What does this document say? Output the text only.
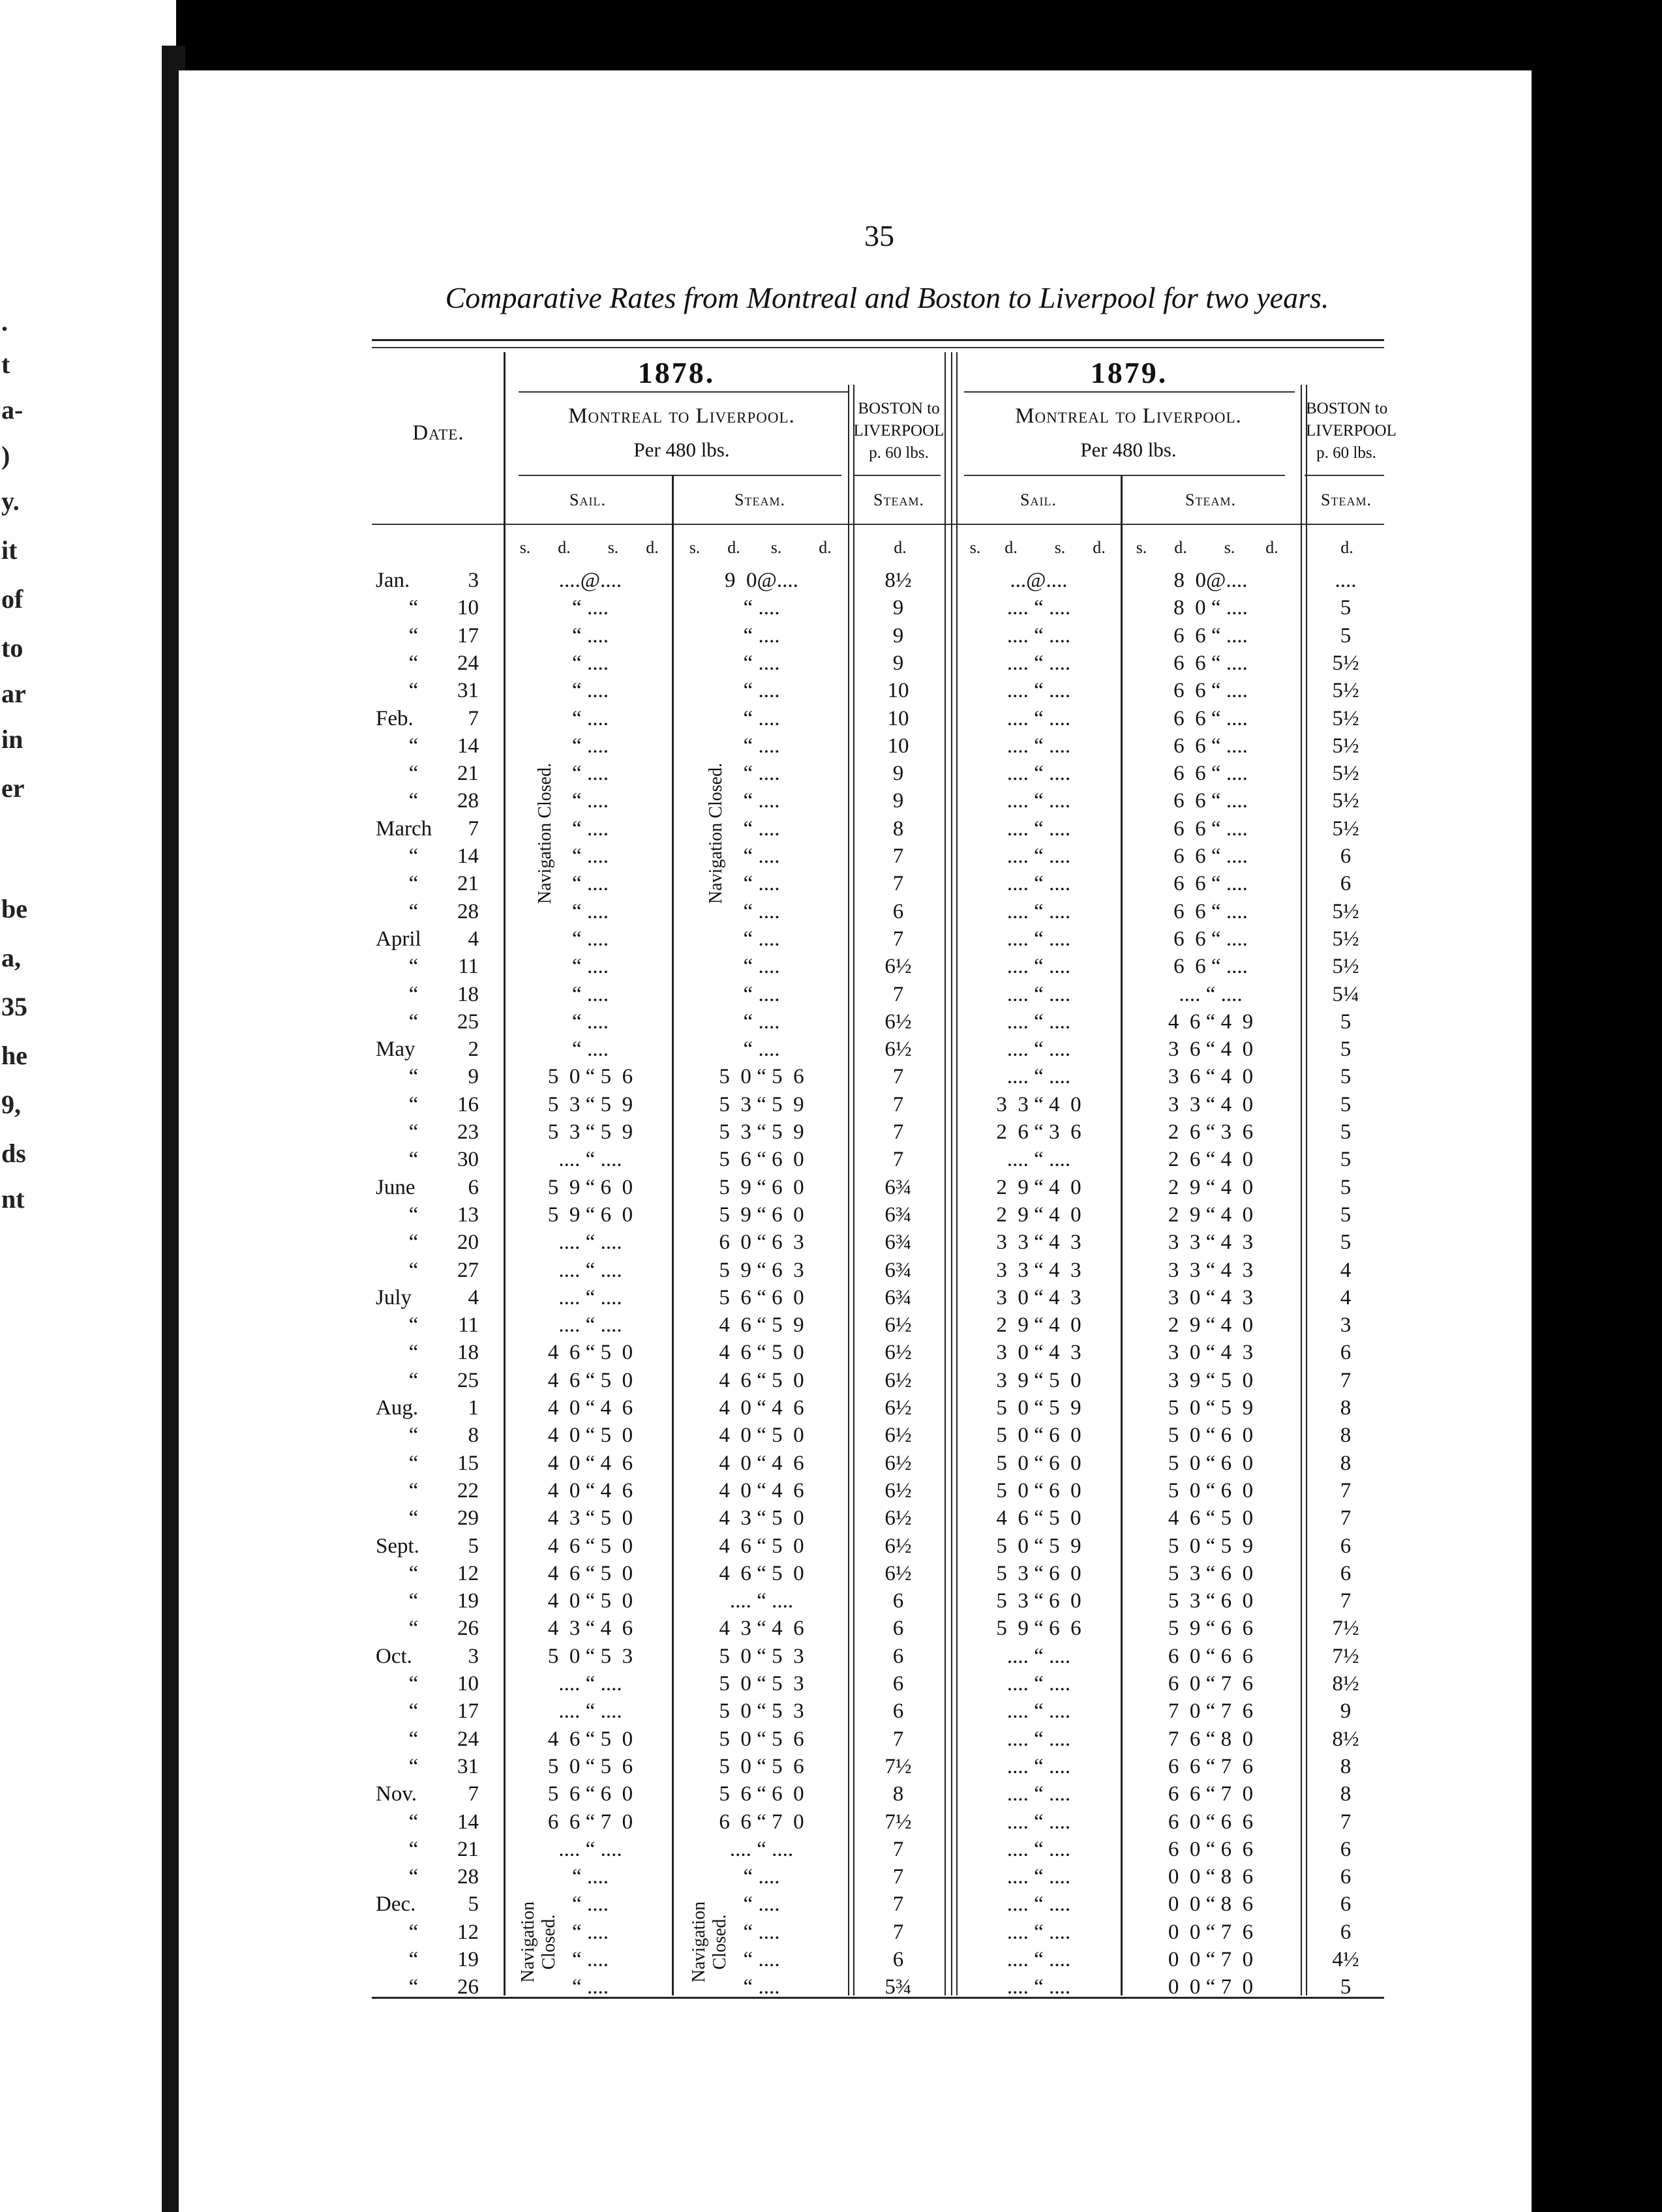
.
t
a-
)
y.
it
of
to
ar
in
er
be
a,
35
he
9,
ds
nt
35
Comparative Rates from Montreal and Boston to Liverpool for two years.
Date.
1878.	1879.
Montreal to Liverpool.
Per 480 lbs.
Montreal to Liverpool.
Per 480 lbs.
BOSTON to
LIVERPOOL
p. 60 lbs.
BOSTON to
LIVERPOOL
p. 60 lbs.
Sail.	Steam.	Steam.	Sail.	Steam.	Steam.
s. d. s. d. s. d. s. d.	d.	s. d. s. d. s. d. s. d.	d.
Jan.	3	....@....	9  0@....	8½	...@....	8  0@....	....
“	10	“ ....	“ ....	9	.... “ ....	8  0 “ ....	5
“	17	“ ....	“ ....	9	.... “ ....	6  6 “ ....	5
“	24	“ ....	“ ....	9	.... “ ....	6  6 “ ....	5½
“	31	“ ....	“ ....	10	.... “ ....	6  6 “ ....	5½
Feb.	7	“ ....	“ ....	10	.... “ ....	6  6 “ ....	5½
“	14	“ ....	“ ....	10	.... “ ....	6  6 “ ....	5½
“	21	“ ....	“ ....	9	.... “ ....	6  6 “ ....	5½
“	28	“ ....	“ ....	9	.... “ ....	6  6 “ ....	5½
March	7	“ ....	“ ....	8	.... “ ....	6  6 “ ....	5½
“	14	“ ....	“ ....	7	.... “ ....	6  6 “ ....	6
“	21	“ ....	“ ....	7	.... “ ....	6  6 “ ....	6
“	28	“ ....	“ ....	6	.... “ ....	6  6 “ ....	5½
April	4	“ ....	“ ....	7	.... “ ....	6  6 “ ....	5½
“	11	“ ....	“ ....	6½	.... “ ....	6  6 “ ....	5½
“	18	“ ....	“ ....	7	.... “ ....	.... “ ....	5¼
“	25	“ ....	“ ....	6½	.... “ ....	4  6 “ 4  9	5
May	2	“ ....	“ ....	6½	.... “ ....	3  6 “ 4  0	5
“	9	5  0 “ 5  6	5  0 “ 5  6	7	.... “ ....	3  6 “ 4  0	5
“	16	5  3 “ 5  9	5  3 “ 5  9	7	3  3 “ 4  0	3  3 “ 4  0	5
“	23	5  3 “ 5  9	5  3 “ 5  9	7	2  6 “ 3  6	2  6 “ 3  6	5
“	30	.... “ ....	5  6 “ 6  0	7	.... “ ....	2  6 “ 4  0	5
June	6	5  9 “ 6  0	5  9 “ 6  0	6¾	2  9 “ 4  0	2  9 “ 4  0	5
“	13	5  9 “ 6  0	5  9 “ 6  0	6¾	2  9 “ 4  0	2  9 “ 4  0	5
“	20	.... “ ....	6  0 “ 6  3	6¾	3  3 “ 4  3	3  3 “ 4  3	5
“	27	.... “ ....	5  9 “ 6  3	6¾	3  3 “ 4  3	3  3 “ 4  3	4
July	4	.... “ ....	5  6 “ 6  0	6¾	3  0 “ 4  3	3  0 “ 4  3	4
“	11	.... “ ....	4  6 “ 5  9	6½	2  9 “ 4  0	2  9 “ 4  0	3
“	18	4  6 “ 5  0	4  6 “ 5  0	6½	3  0 “ 4  3	3  0 “ 4  3	6
“	25	4  6 “ 5  0	4  6 “ 5  0	6½	3  9 “ 5  0	3  9 “ 5  0	7
Aug.	1	4  0 “ 4  6	4  0 “ 4  6	6½	5  0 “ 5  9	5  0 “ 5  9	8
“	8	4  0 “ 5  0	4  0 “ 5  0	6½	5  0 “ 6  0	5  0 “ 6  0	8
“	15	4  0 “ 4  6	4  0 “ 4  6	6½	5  0 “ 6  0	5  0 “ 6  0	8
“	22	4  0 “ 4  6	4  0 “ 4  6	6½	5  0 “ 6  0	5  0 “ 6  0	7
“	29	4  3 “ 5  0	4  3 “ 5  0	6½	4  6 “ 5  0	4  6 “ 5  0	7
Sept.	5	4  6 “ 5  0	4  6 “ 5  0	6½	5  0 “ 5  9	5  0 “ 5  9	6
“	12	4  6 “ 5  0	4  6 “ 5  0	6½	5  3 “ 6  0	5  3 “ 6  0	6
“	19	4  0 “ 5  0	.... “ ....	6	5  3 “ 6  0	5  3 “ 6  0	7
“	26	4  3 “ 4  6	4  3 “ 4  6	6	5  9 “ 6  6	5  9 “ 6  6	7½
Oct.	3	5  0 “ 5  3	5  0 “ 5  3	6	.... “ ....	6  0 “ 6  6	7½
“	10	.... “ ....	5  0 “ 5  3	6	.... “ ....	6  0 “ 7  6	8½
“	17	.... “ ....	5  0 “ 5  3	6	.... “ ....	7  0 “ 7  6	9
“	24	4  6 “ 5  0	5  0 “ 5  6	7	.... “ ....	7  6 “ 8  0	8½
“	31	5  0 “ 5  6	5  0 “ 5  6	7½	.... “ ....	6  6 “ 7  6	8
Nov.	7	5  6 “ 6  0	5  6 “ 6  0	8	.... “ ....	6  6 “ 7  0	8
“	14	6  6 “ 7  0	6  6 “ 7  0	7½	.... “ ....	6  0 “ 6  6	7
“	21	.... “ ....	.... “ ....	7	.... “ ....	6  0 “ 6  6	6
“	28	“ ....	“ ....	7	.... “ ....	0  0 “ 8  6	6
Dec.	5	“ ....	“ ....	7	.... “ ....	0  0 “ 8  6	6
“	12	“ ....	“ ....	7	.... “ ....	0  0 “ 7  6	6
“	19	“ ....	“ ....	6	.... “ ....	0  0 “ 7  0	4½
“	26	“ ....	“ ....	5¾	.... “ ....	0  0 “ 7  0	5
Navigation Closed.	Navigation Closed.
Navigation Closed.	Navigation Closed.
